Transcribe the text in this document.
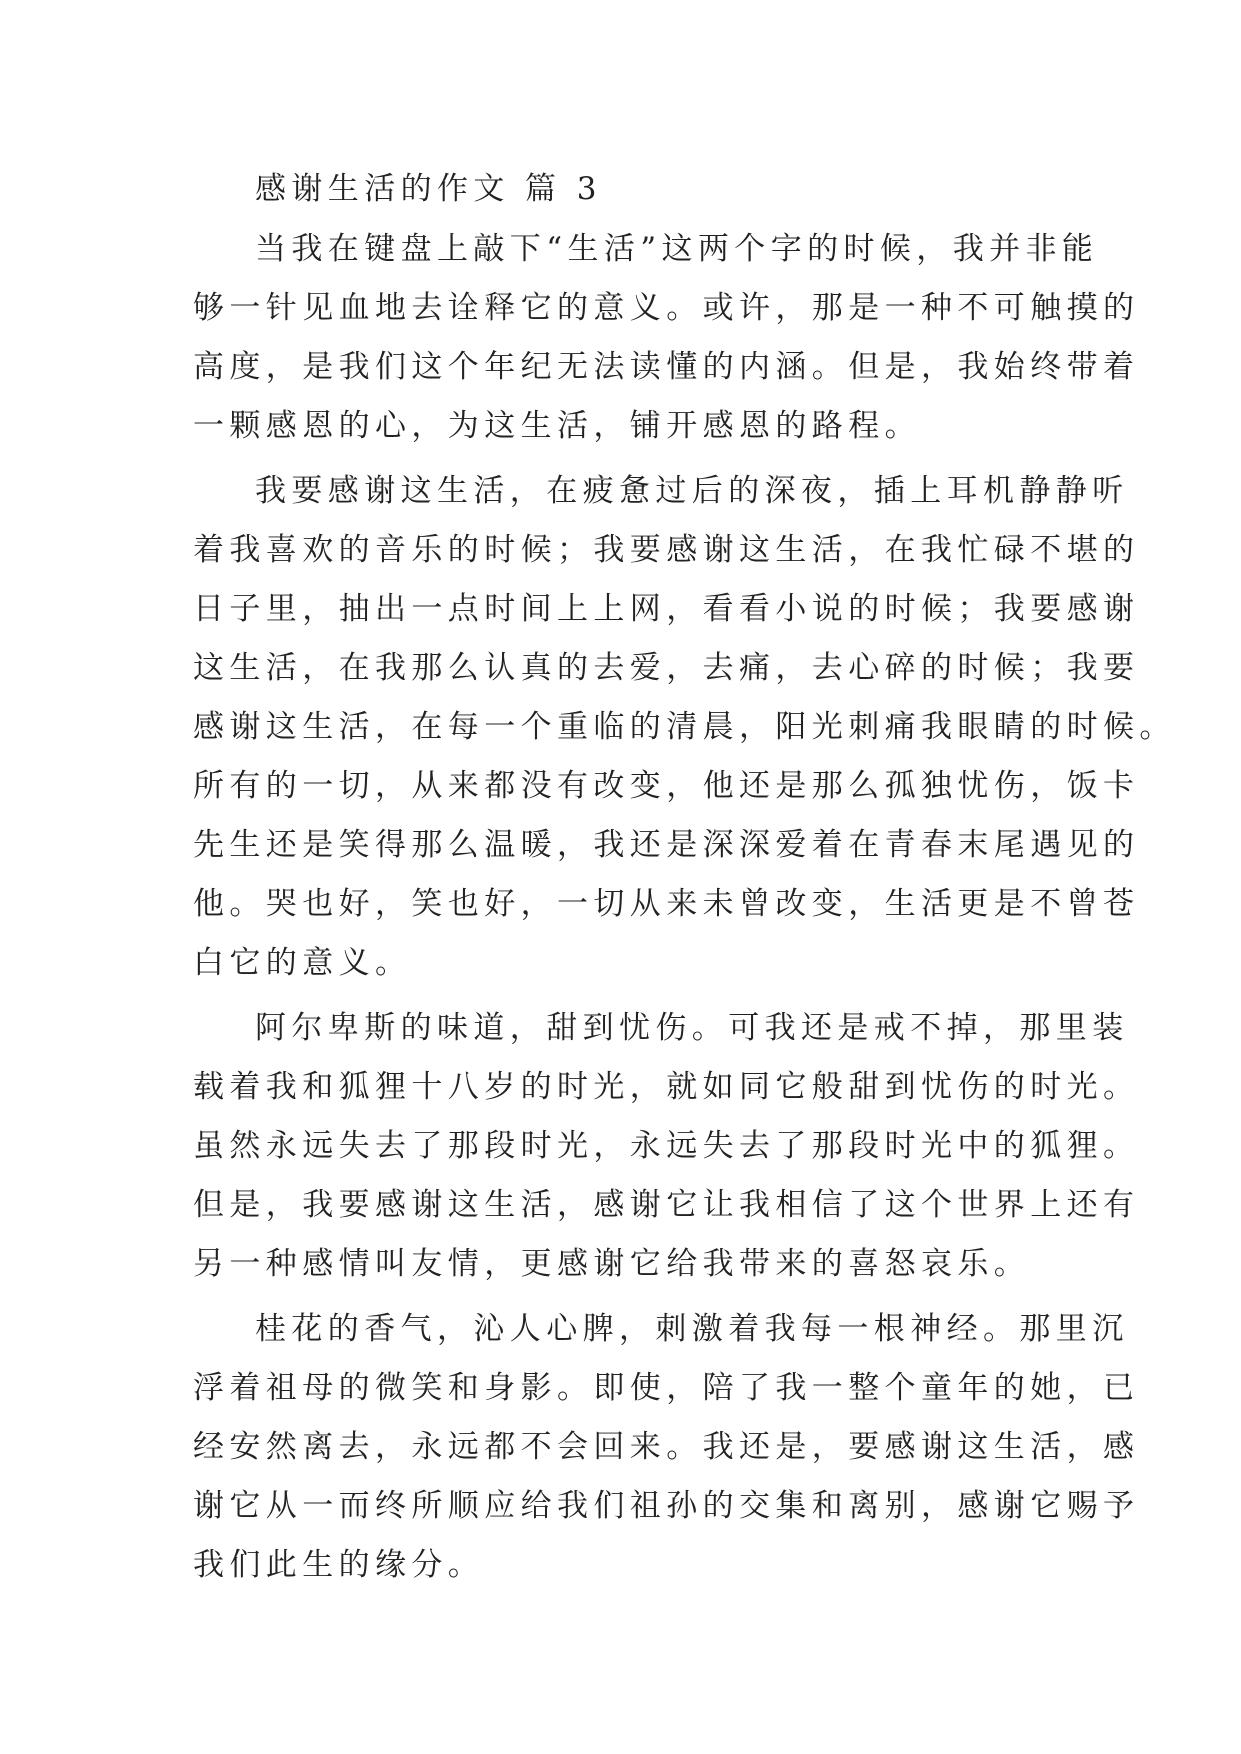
感谢生活的作文 篇 3
当我在键盘上敲下“生活”这两个字的时候，我并非能
够一针见血地去诠释它的意义。或许，那是一种不可触摸的
高度，是我们这个年纪无法读懂的内涵。但是，我始终带着
一颗感恩的心，为这生活，铺开感恩的路程。
我要感谢这生活，在疲惫过后的深夜，插上耳机静静听
着我喜欢的音乐的时候；我要感谢这生活，在我忙碌不堪的
日子里，抽出一点时间上上网，看看小说的时候；我要感谢
这生活，在我那么认真的去爱，去痛，去心碎的时候；我要
感谢这生活，在每一个重临的清晨，阳光刺痛我眼睛的时候。
所有的一切，从来都没有改变，他还是那么孤独忧伤，饭卡
先生还是笑得那么温暖，我还是深深爱着在青春末尾遇见的
他。哭也好，笑也好，一切从来未曾改变，生活更是不曾苍
白它的意义。
阿尔卑斯的味道，甜到忧伤。可我还是戒不掉，那里装
载着我和狐狸十八岁的时光，就如同它般甜到忧伤的时光。
虽然永远失去了那段时光，永远失去了那段时光中的狐狸。
但是，我要感谢这生活，感谢它让我相信了这个世界上还有
另一种感情叫友情，更感谢它给我带来的喜怒哀乐。
桂花的香气，沁人心脾，刺激着我每一根神经。那里沉
浮着祖母的微笑和身影。即使，陪了我一整个童年的她，已
经安然离去，永远都不会回来。我还是，要感谢这生活，感
谢它从一而终所顺应给我们祖孙的交集和离别，感谢它赐予
我们此生的缘分。
